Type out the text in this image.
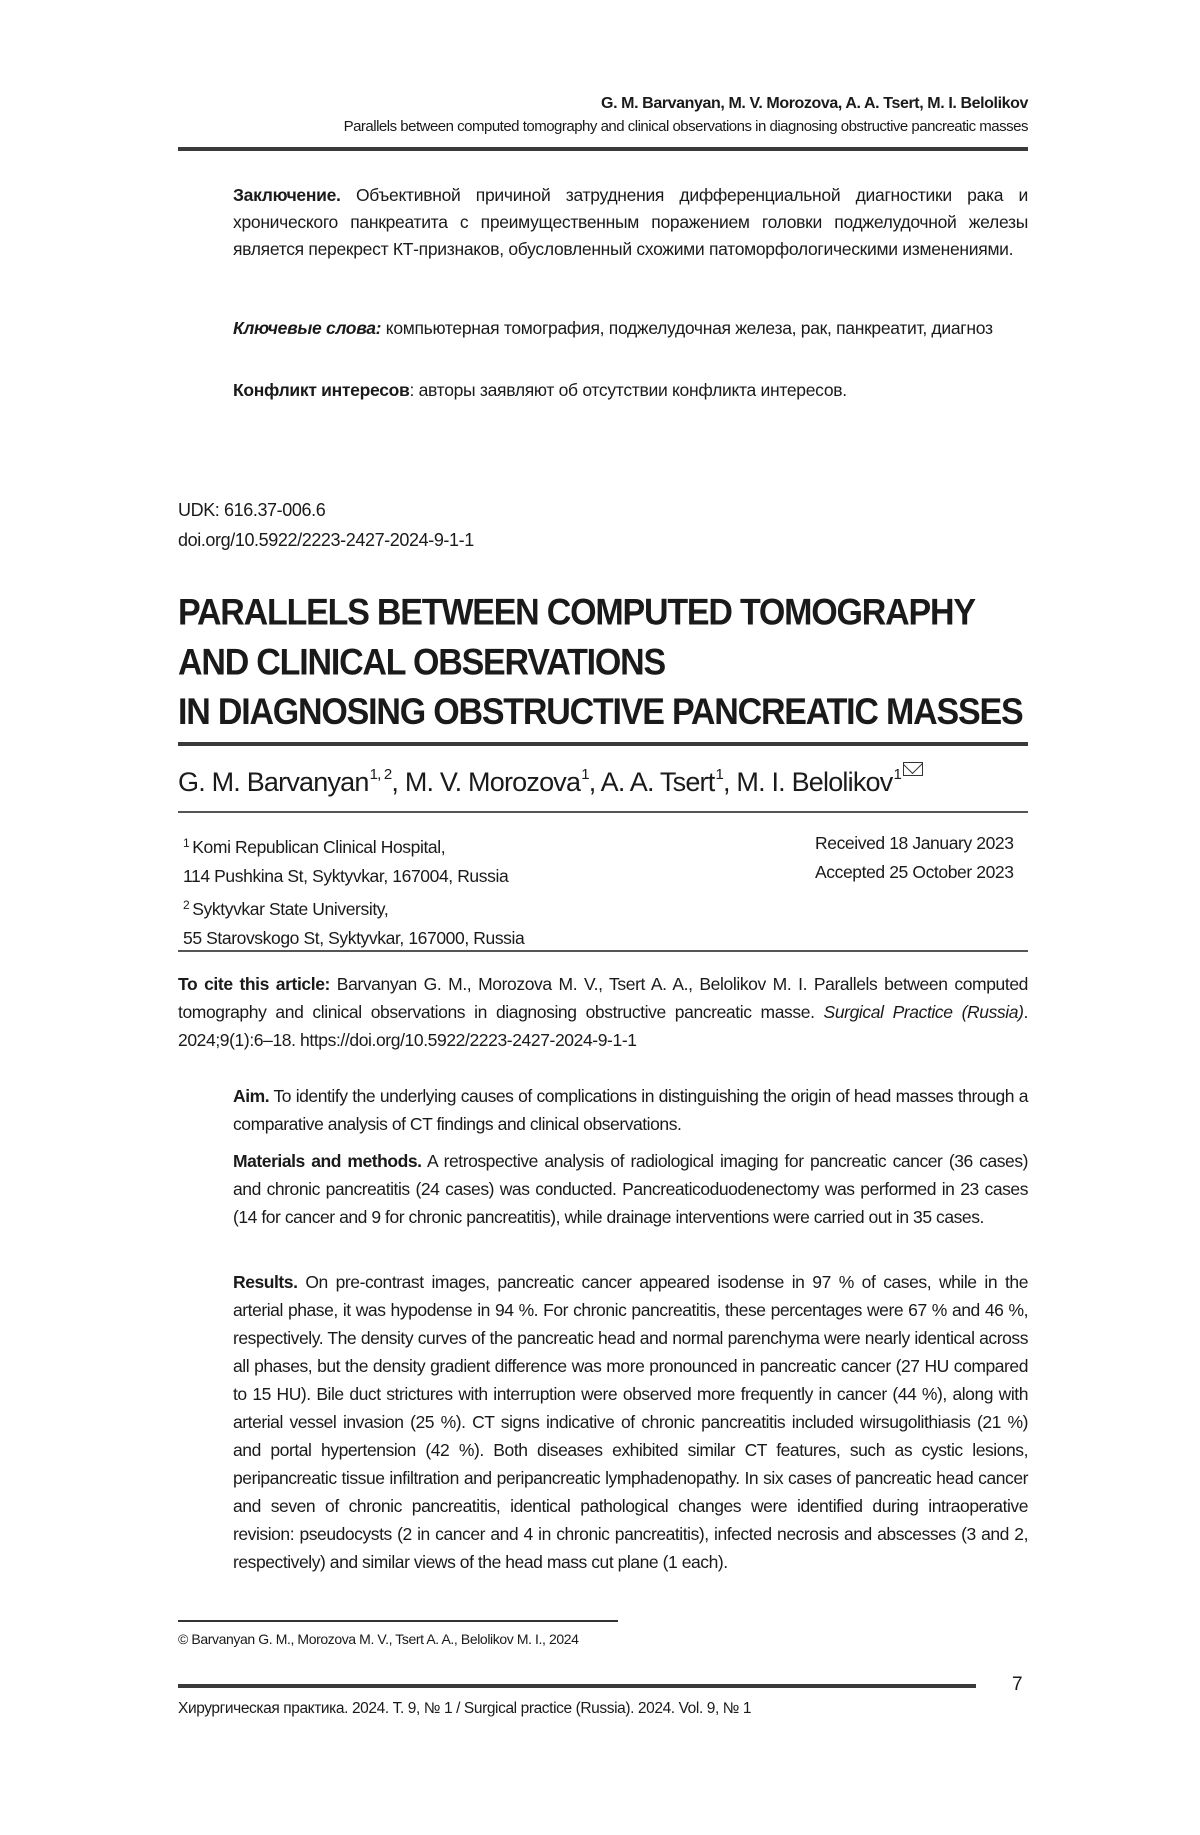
G. M. Barvanyan, M. V. Morozova, A. A. Tsert, M. I. Belolikov
Parallels between computed tomography and clinical observations in diagnosing obstructive pancreatic masses
Заключение. Объективной причиной затруднения дифференциальной диагностики рака и хронического панкреатита с преимущественным поражением головки поджелудочной железы является перекрест КТ-признаков, обусловленный схожими патоморфологическими изменениями.
Ключевые слова: компьютерная томография, поджелудочная железа, рак, панкреатит, диагноз
Конфликт интересов: авторы заявляют об отсутствии конфликта интересов.
UDK: 616.37-006.6
doi.org/10.5922/2223-2427-2024-9-1-1
PARALLELS BETWEEN COMPUTED TOMOGRAPHY
AND CLINICAL OBSERVATIONS
IN DIAGNOSING OBSTRUCTIVE PANCREATIC MASSES
G. M. Barvanyan$^{1, 2}$, M. V. Morozova$^1$, A. A. Tsert$^1$, M. I. Belolikov$^1$
$^1$ Komi Republican Clinical Hospital,
114 Pushkina St, Syktyvkar, 167004, Russia
$^2$ Syktyvkar State University,
55 Starovskogo St, Syktyvkar, 167000, Russia
Received 18 January 2023
Accepted 25 October 2023
To cite this article: Barvanyan G. M., Morozova M. V., Tsert A. A., Belolikov M. I. Parallels between computed tomography and clinical observations in diagnosing obstructive pancreatic masse. Surgical Practice (Russia). 2024;9(1):6–18. https://doi.org/10.5922/2223-2427-2024-9-1-1
Aim. To identify the underlying causes of complications in distinguishing the origin of head masses through a comparative analysis of CT findings and clinical observations.
Materials and methods. A retrospective analysis of radiological imaging for pancreatic cancer (36 cases) and chronic pancreatitis (24 cases) was conducted. Pancreaticoduodenectomy was performed in 23 cases (14 for cancer and 9 for chronic pancreatitis), while drainage interventions were carried out in 35 cases.
Results. On pre-contrast images, pancreatic cancer appeared isodense in 97 % of cases, while in the arterial phase, it was hypodense in 94 %. For chronic pancreatitis, these percentages were 67 % and 46 %, respectively. The density curves of the pancreatic head and normal parenchyma were nearly identical across all phases, but the density gradient difference was more pronounced in pancreatic cancer (27 HU compared to 15 HU). Bile duct strictures with interruption were observed more frequently in cancer (44 %), along with arterial vessel invasion (25 %). CT signs indicative of chronic pancreatitis included wirsugolithiasis (21 %) and portal hypertension (42 %). Both diseases exhibited similar CT features, such as cystic lesions, peripancreatic tissue infiltration and peripancreatic lymphadenopathy. In six cases of pancreatic head cancer and seven of chronic pancreatitis, identical pathological changes were identified during intraoperative revision: pseudocysts (2 in cancer and 4 in chronic pancreatitis), infected necrosis and abscesses (3 and 2, respectively) and similar views of the head mass cut plane (1 each).
© Barvanyan G. M., Morozova M. V., Tsert A. A., Belolikov M. I., 2024
7
Хирургическая практика. 2024. Т. 9, № 1 / Surgical practice (Russia). 2024. Vol. 9, № 1
